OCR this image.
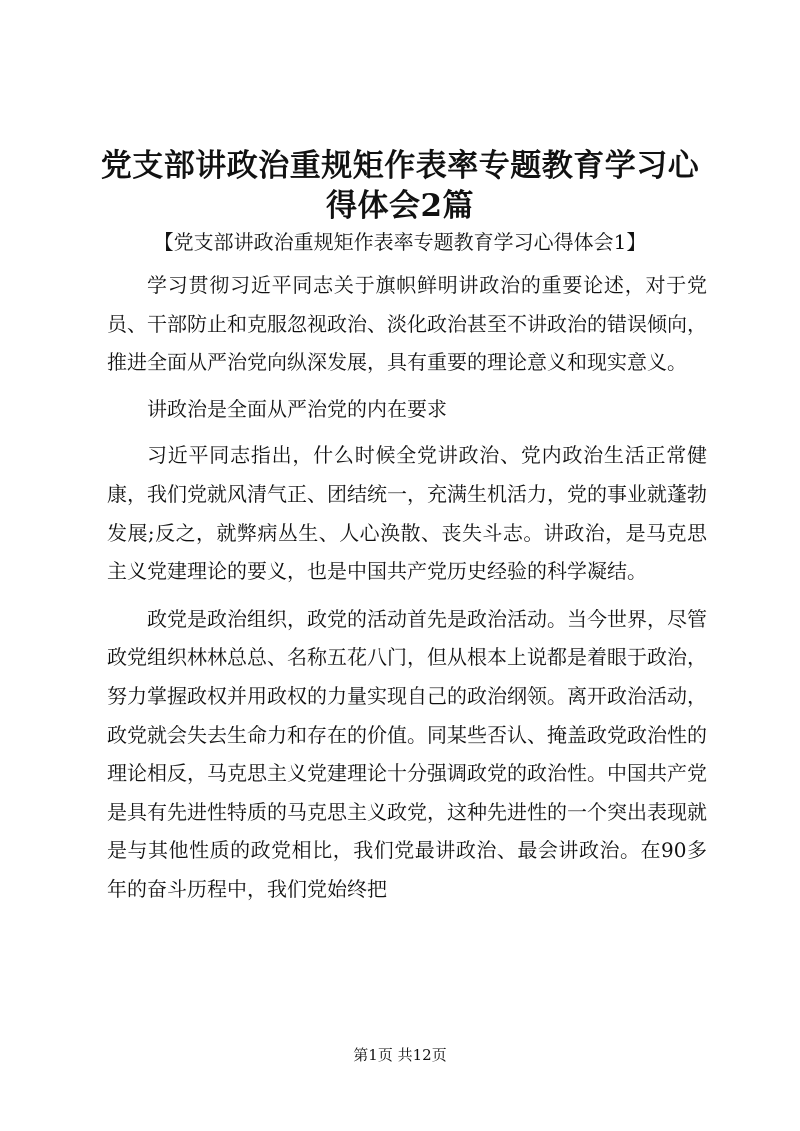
党支部讲政治重规矩作表率专题教育学习心得体会2篇

【党支部讲政治重规矩作表率专题教育学习心得体会1】

学习贯彻习近平同志关于旗帜鲜明讲政治的重要论述，对于党员、干部防止和克服忽视政治、淡化政治甚至不讲政治的错误倾向，推进全面从严治党向纵深发展，具有重要的理论意义和现实意义。

讲政治是全面从严治党的内在要求

习近平同志指出，什么时候全党讲政治、党内政治生活正常健康，我们党就风清气正、团结统一，充满生机活力，党的事业就蓬勃发展;反之，就弊病丛生、人心涣散、丧失斗志。讲政治，是马克思主义党建理论的要义，也是中国共产党历史经验的科学凝结。

政党是政治组织，政党的活动首先是政治活动。当今世界，尽管政党组织林林总总、名称五花八门，但从根本上说都是着眼于政治，努力掌握政权并用政权的力量实现自己的政治纲领。离开政治活动，政党就会失去生命力和存在的价值。同某些否认、掩盖政党政治性的理论相反，马克思主义党建理论十分强调政党的政治性。中国共产党是具有先进性特质的马克思主义政党，这种先进性的一个突出表现就是与其他性质的政党相比，我们党最讲政治、最会讲政治。在90多年的奋斗历程中，我们党始终把

第1页 共12页
